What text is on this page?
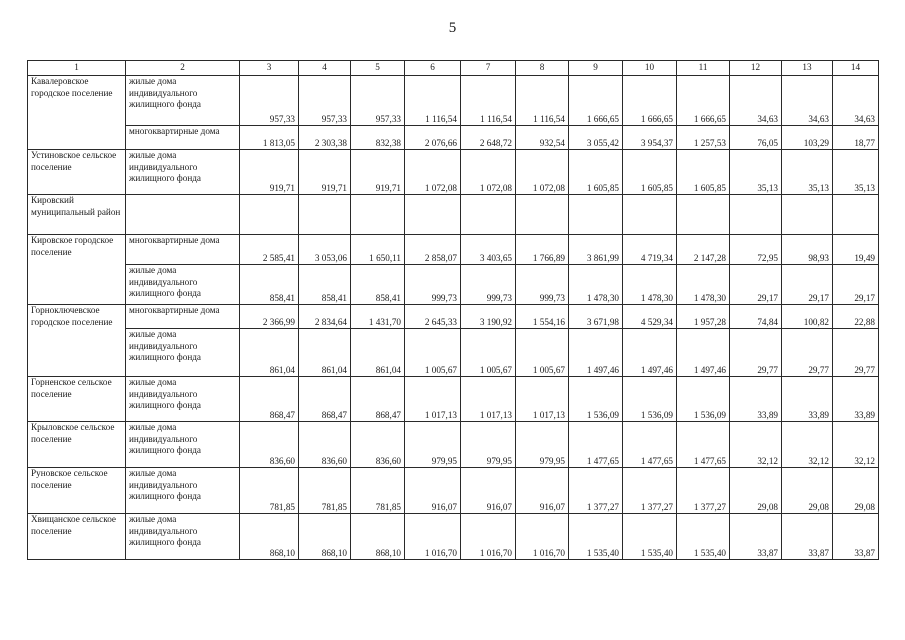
5
1	2	3	4	5	6	7	8	9	10	11	12	13	14
Кавалеровское городское поселение	жилые дома индивидуального жилищного фонда	957,33	957,33	957,33	1 116,54	1 116,54	1 116,54	1 666,65	1 666,65	1 666,65	34,63	34,63	34,63
	многоквартирные дома	1 813,05	2 303,38	832,38	2 076,66	2 648,72	932,54	3 055,42	3 954,37	1 257,53	76,05	103,29	18,77
Устиновское сельское поселение	жилые дома индивидуального жилищного фонда	919,71	919,71	919,71	1 072,08	1 072,08	1 072,08	1 605,85	1 605,85	1 605,85	35,13	35,13	35,13
Кировский муниципальный район													
Кировское городское поселение	многоквартирные дома	2 585,41	3 053,06	1 650,11	2 858,07	3 403,65	1 766,89	3 861,99	4 719,34	2 147,28	72,95	98,93	19,49
	жилые дома индивидуального жилищного фонда	858,41	858,41	858,41	999,73	999,73	999,73	1 478,30	1 478,30	1 478,30	29,17	29,17	29,17
Горноключевское городское поселение	многоквартирные дома	2 366,99	2 834,64	1 431,70	2 645,33	3 190,92	1 554,16	3 671,98	4 529,34	1 957,28	74,84	100,82	22,88
	жилые дома индивидуального жилищного фонда	861,04	861,04	861,04	1 005,67	1 005,67	1 005,67	1 497,46	1 497,46	1 497,46	29,77	29,77	29,77
Горненское сельское поселение	жилые дома индивидуального жилищного фонда	868,47	868,47	868,47	1 017,13	1 017,13	1 017,13	1 536,09	1 536,09	1 536,09	33,89	33,89	33,89
Крыловское сельское поселение	жилые дома индивидуального жилищного фонда	836,60	836,60	836,60	979,95	979,95	979,95	1 477,65	1 477,65	1 477,65	32,12	32,12	32,12
Руновское сельское поселение	жилые дома индивидуального жилищного фонда	781,85	781,85	781,85	916,07	916,07	916,07	1 377,27	1 377,27	1 377,27	29,08	29,08	29,08
Хвищанское сельское поселение	жилые дома индивидуального жилищного фонда	868,10	868,10	868,10	1 016,70	1 016,70	1 016,70	1 535,40	1 535,40	1 535,40	33,87	33,87	33,87
